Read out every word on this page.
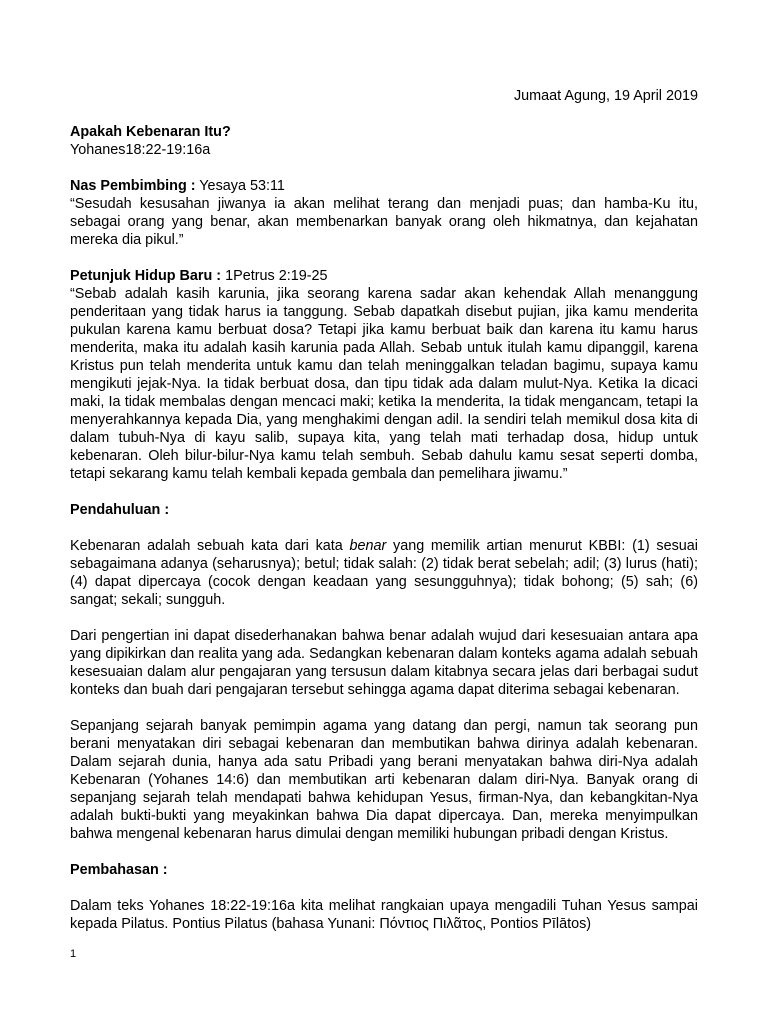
Jumaat Agung, 19 April 2019

Apakah Kebenaran Itu?

Yohanes18:22-19:16a

Nas Pembimbing : Yesaya 53:11

“Sesudah kesusahan jiwanya ia akan melihat terang dan menjadi puas; dan hamba-Ku itu, sebagai orang yang benar, akan membenarkan banyak orang oleh hikmatnya, dan kejahatan mereka dia pikul.”

Petunjuk Hidup Baru : 1Petrus 2:19-25

“Sebab adalah kasih karunia, jika seorang karena sadar akan kehendak Allah menanggung penderitaan yang tidak harus ia tanggung. Sebab dapatkah disebut pujian, jika kamu menderita pukulan karena kamu berbuat dosa? Tetapi jika kamu berbuat baik dan karena itu kamu harus menderita, maka itu adalah kasih karunia pada Allah. Sebab untuk itulah kamu dipanggil, karena Kristus pun telah menderita untuk kamu dan telah meninggalkan teladan bagimu, supaya kamu mengikuti jejak-Nya. Ia tidak berbuat dosa, dan tipu tidak ada dalam mulut-Nya. Ketika Ia dicaci maki, Ia tidak membalas dengan mencaci maki; ketika Ia menderita, Ia tidak mengancam, tetapi Ia menyerahkannya kepada Dia, yang menghakimi dengan adil. Ia sendiri telah memikul dosa kita di dalam tubuh-Nya di kayu salib, supaya kita, yang telah mati terhadap dosa, hidup untuk kebenaran. Oleh bilur-bilur-Nya kamu telah sembuh. Sebab dahulu kamu sesat seperti domba, tetapi sekarang kamu telah kembali kepada gembala dan pemelihara jiwamu.”

Pendahuluan :

Kebenaran adalah sebuah kata dari kata benar yang memilik artian menurut KBBI: (1) sesuai sebagaimana adanya (seharusnya); betul; tidak salah: (2) tidak berat sebelah; adil; (3) lurus (hati); (4) dapat dipercaya (cocok dengan keadaan yang sesungguhnya); tidak bohong; (5) sah; (6) sangat; sekali; sungguh.

Dari pengertian ini dapat disederhanakan bahwa benar adalah wujud dari kesesuaian antara apa yang dipikirkan dan realita yang ada. Sedangkan kebenaran dalam konteks agama adalah sebuah kesesuaian dalam alur pengajaran yang tersusun dalam kitabnya secara jelas dari berbagai sudut konteks dan buah dari pengajaran tersebut sehingga agama dapat diterima sebagai kebenaran.

Sepanjang sejarah banyak pemimpin agama yang datang dan pergi, namun tak seorang pun berani menyatakan diri sebagai kebenaran dan membutikan bahwa dirinya adalah kebenaran. Dalam sejarah dunia, hanya ada satu Pribadi yang berani menyatakan bahwa diri-Nya adalah Kebenaran (Yohanes 14:6) dan membutikan arti kebenaran dalam diri-Nya. Banyak orang di sepanjang sejarah telah mendapati bahwa kehidupan Yesus, firman-Nya, dan kebangkitan-Nya adalah bukti-bukti yang meyakinkan bahwa Dia dapat dipercaya. Dan, mereka menyimpulkan bahwa mengenal kebenaran harus dimulai dengan memiliki hubungan pribadi dengan Kristus.

Pembahasan :

Dalam teks Yohanes 18:22-19:16a kita melihat rangkaian upaya mengadili Tuhan Yesus sampai kepada Pilatus. Pontius Pilatus (bahasa Yunani: Πόντιος Πιλᾶτος, Pontios Pīlātos)

1
